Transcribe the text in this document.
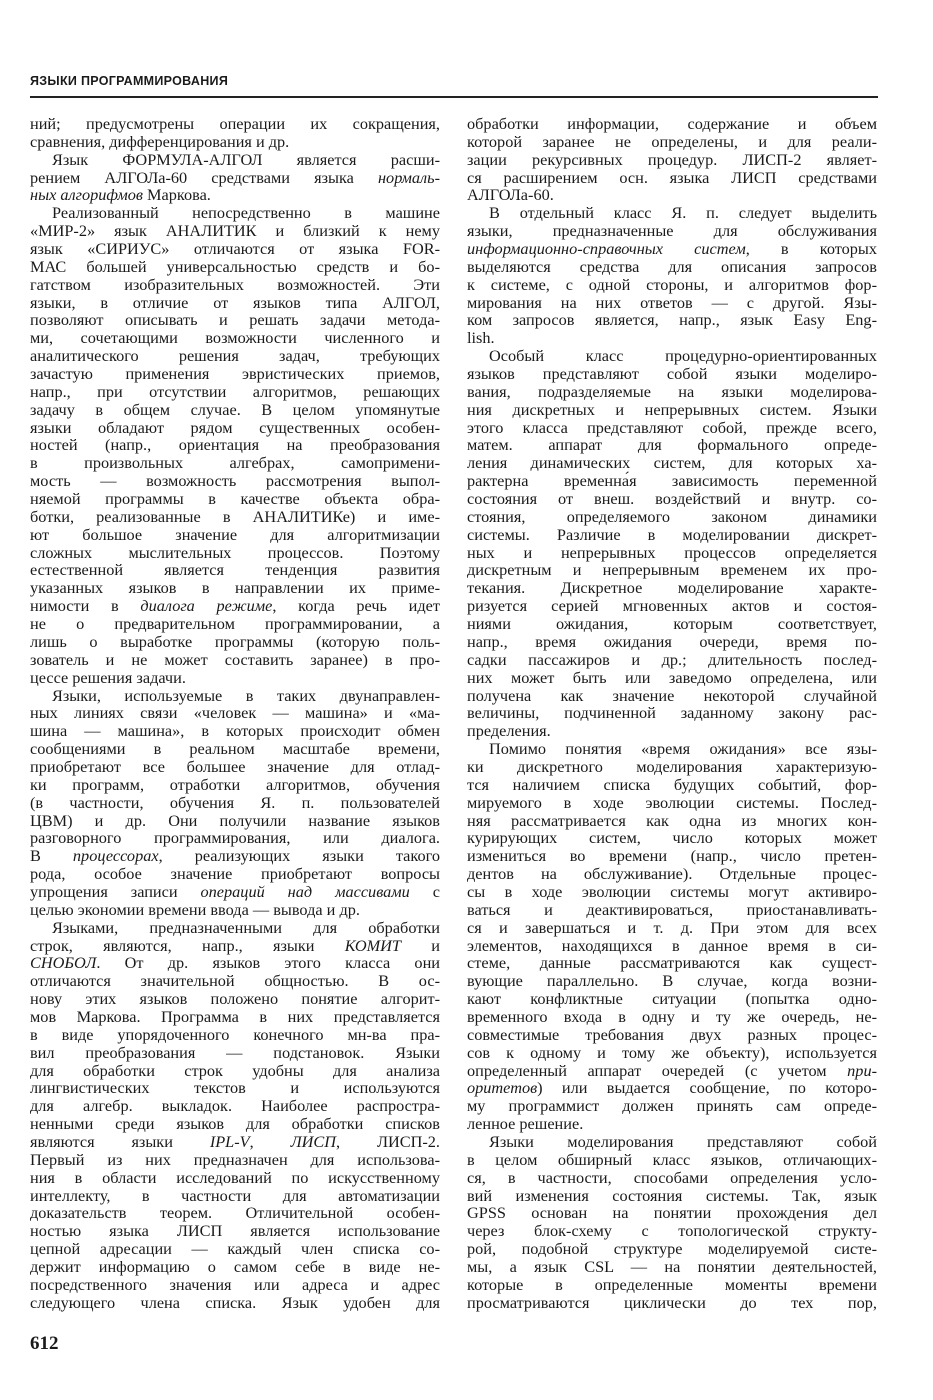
ЯЗЫКИ ПРОГРАММИРОВАНИЯ
ний; предусмотрены операции их сокращения,
сравнения, дифференцирования и др.
Язык ФОРМУЛА-АЛГОЛ является расши-
рением АЛГОЛа-60 средствами языка нормаль-
ных алгорифмов Маркова.
Реализованный непосредственно в машине
«МИР-2» язык АНАЛИТИК и близкий к нему
язык «СИРИУС» отличаются от языка FOR-
МАС большей универсальностью средств и бо-
гатством изобразительных возможностей. Эти
языки, в отличие от языков типа АЛГОЛ,
позволяют описывать и решать задачи метода-
ми, сочетающими возможности численного и
аналитического решения задач, требующих
зачастую применения эвристических приемов,
напр., при отсутствии алгоритмов, решающих
задачу в общем случае. В целом упомянутые
языки обладают рядом существенных особен-
ностей (напр., ориентация на преобразования
в произвольных алгебрах, самопримени-
мость — возможность рассмотрения выпол-
няемой программы в качестве объекта обра-
ботки, реализованные в АНАЛИТИКе) и име-
ют большое значение для алгоритмизации
сложных мыслительных процессов. Поэтому
естественной является тенденция развития
указанных языков в направлении их приме-
нимости в диалога режиме, когда речь идет
не о предварительном программировании, а
лишь о выработке программы (которую поль-
зователь и не может составить заранее) в про-
цессе решения задачи.
Языки, используемые в таких двунаправлен-
ных линиях связи «человек — машина» и «ма-
шина — машина», в которых происходит обмен
сообщениями в реальном масштабе времени,
приобретают все большее значение для отлад-
ки программ, отработки алгоритмов, обучения
(в частности, обучения Я. п. пользователей
ЦВМ) и др. Они получили название языков
разговорного программирования, или диалога.
В процессорах, реализующих языки такого
рода, особое значение приобретают вопросы
упрощения записи операций над массивами с
целью экономии времени ввода — вывода и др.
Языками, предназначенными для обработки
строк, являются, напр., языки КОМИТ и
СНОБОЛ. От др. языков этого класса они
отличаются значительной общностью. В ос-
нову этих языков положено понятие алгорит-
мов Маркова. Программа в них представляется
в виде упорядоченного конечного мн-ва пра-
вил преобразования — подстановок. Языки
для обработки строк удобны для анализа
лингвистических текстов и используются
для алгебр. выкладок. Наиболее распростра-
ненными среди языков для обработки списков
являются языки IPL-V, ЛИСП, ЛИСП-2.
Первый из них предназначен для использова-
ния в области исследований по искусственному
интеллекту, в частности для автоматизации
доказательств теорем. Отличительной особен-
ностью языка ЛИСП является использование
цепной адресации — каждый член списка со-
держит информацию о самом себе в виде не-
посредственного значения или адреса и адрес
следующего члена списка. Язык удобен для
обработки информации, содержание и объем
которой заранее не определены, и для реали-
зации рекурсивных процедур. ЛИСП-2 являет-
ся расширением осн. языка ЛИСП средствами
АЛГОЛа-60.
В отдельный класс Я. п. следует выделить
языки, предназначенные для обслуживания
информационно-справочных систем, в которых
выделяются средства для описания запросов
к системе, с одной стороны, и алгоритмов фор-
мирования на них ответов — с другой. Язы-
ком запросов является, напр., язык Easy Eng-
lish.
Особый класс процедурно-ориентированных
языков представляют собой языки моделиро-
вания, подразделяемые на языки моделирова-
ния дискретных и непрерывных систем. Языки
этого класса представляют собой, прежде всего,
матем. аппарат для формального опреде-
ления динамических систем, для которых ха-
рактерна временна́я зависимость переменной
состояния от внеш. воздействий и внутр. со-
стояния, определяемого законом динамики
системы. Различие в моделировании дискрет-
ных и непрерывных процессов определяется
дискретным и непрерывным временем их про-
текания. Дискретное моделирование характе-
ризуется серией мгновенных актов и состоя-
ниями ожидания, которым соответствует,
напр., время ожидания очереди, время по-
садки пассажиров и др.; длительность послед-
них может быть или заведомо определена, или
получена как значение некоторой случайной
величины, подчиненной заданному закону рас-
пределения.
Помимо понятия «время ожидания» все язы-
ки дискретного моделирования характеризую-
тся наличием списка будущих событий, фор-
мируемого в ходе эволюции системы. Послед-
няя рассматривается как одна из многих кон-
курирующих систем, число которых может
измениться во времени (напр., число претен-
дентов на обслуживание). Отдельные процес-
сы в ходе эволюции системы могут активиро-
ваться и деактивироваться, приостанавливать-
ся и завершаться и т. д. При этом для всех
элементов, находящихся в данное время в си-
стеме, данные рассматриваются как сущест-
вующие параллельно. В случае, когда возни-
кают конфликтные ситуации (попытка одно-
временного входа в одну и ту же очередь, не-
совместимые требования двух разных процес-
сов к одному и тому же объекту), используется
определенный аппарат очередей (с учетом при-
оритетов) или выдается сообщение, по которо-
му программист должен принять сам опреде-
ленное решение.
Языки моделирования представляют собой
в целом обширный класс языков, отличающих-
ся, в частности, способами определения усло-
вий изменения состояния системы. Так, язык
GPSS основан на понятии прохождения дел
через блок-схему с топологической структу-
рой, подобной структуре моделируемой систе-
мы, а язык CSL — на понятии деятельностей,
которые в определенные моменты времени
просматриваются циклически до тех пор,
612
